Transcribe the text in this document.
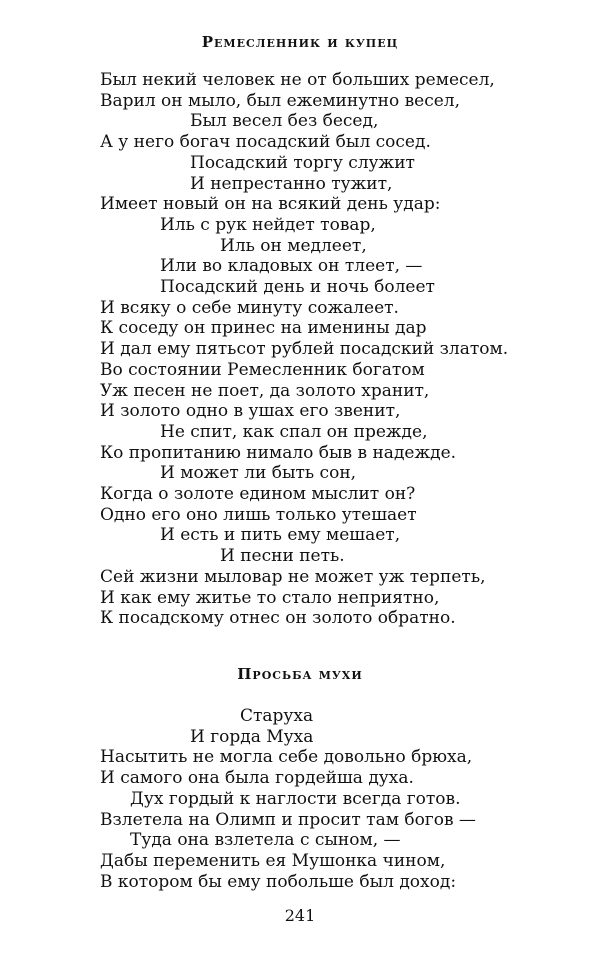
Ремесленник и купец
Был некий человек не от больших ремесел,
Варил он мыло, был ежеминутно весел,
Был весел без бесед,
А у него богач посадский был сосед.
Посадский торгу служит
И непрестанно тужит,
Имеет новый он на всякий день удар:
Иль с рук нейдет товар,
Иль он медлеет,
Или во кладовых он тлеет, —
Посадский день и ночь болеет
И всяку о себе минуту сожалеет.
К соседу он принес на именины дар
И дал ему пятьсот рублей посадский златом.
Во состоянии Ремесленник богатом
Уж песен не поет, да золото хранит,
И золото одно в ушах его звенит,
Не спит, как спал он прежде,
Ко пропитанию нимало быв в надежде.
И может ли быть сон,
Когда о золоте едином мыслит он?
Одно его оно лишь только утешает
И есть и пить ему мешает,
И песни петь.
Сей жизни мыловар не может уж терпеть,
И как ему житье то стало неприятно,
К посадскому отнес он золото обратно.
Просьба мухи
Старуха
И горда Муха
Насытить не могла себе довольно брюха,
И самого она была гордейша духа.
Дух гордый к наглости всегда готов.
Взлетела на Олимп и просит там богов —
Туда она взлетела с сыном, —
Дабы переменить ея Мушонка чином,
В котором бы ему побольше был доход:
241
